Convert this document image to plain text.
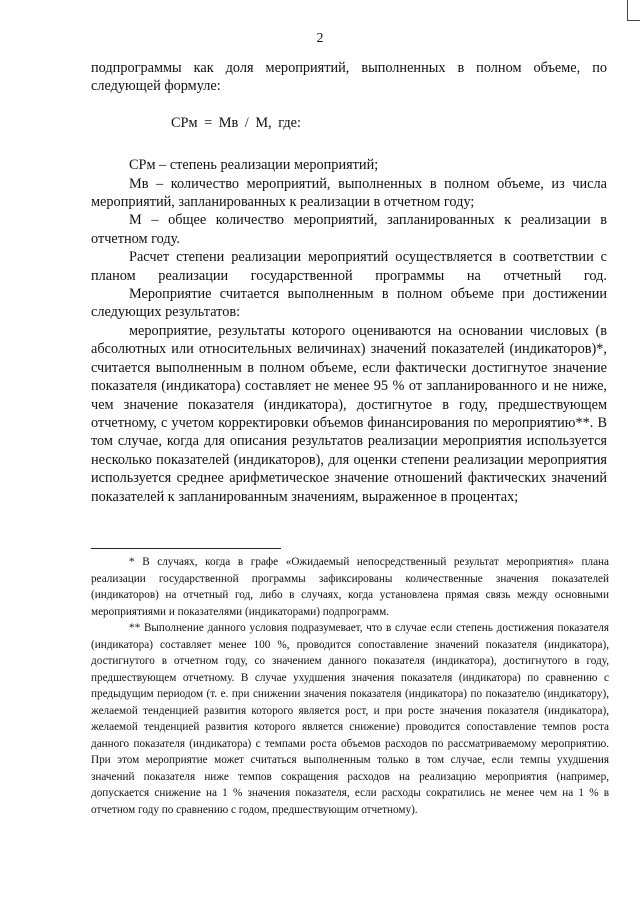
2

подпрограммы как доля мероприятий, выполненных в полном объеме, по следующей формуле:

СРм = Мв / М, где:

СРм – степень реализации мероприятий;

Мв – количество мероприятий, выполненных в полном объеме, из числа мероприятий, запланированных к реализации в отчетном году;

М – общее количество мероприятий, запланированных к реализации в отчетном году.

Расчет степени реализации мероприятий осуществляется в соответствии с планом реализации государственной программы на отчетный год.

Мероприятие считается выполненным в полном объеме при достижении следующих результатов:

мероприятие, результаты которого оцениваются на основании числовых (в абсолютных или относительных величинах) значений показателей (индикаторов)*, считается выполненным в полном объеме, если фактически достигнутое значение показателя (индикатора) составляет не менее 95 % от запланированного и не ниже, чем значение показателя (индикатора), достигнутое в году, предшествующем отчетному, с учетом корректировки объемов финансирования по мероприятию**. В том случае, когда для описания результатов реализации мероприятия используется несколько показателей (индикаторов), для оценки степени реализации мероприятия используется среднее арифметическое значение отношений фактических значений показателей к запланированным значениям, выраженное в процентах;

* В случаях, когда в графе «Ожидаемый непосредственный результат мероприятия» плана реализации государственной программы зафиксированы количественные значения показателей (индикаторов) на отчетный год, либо в случаях, когда установлена прямая связь между основными мероприятиями и показателями (индикаторами) подпрограмм.

** Выполнение данного условия подразумевает, что в случае если степень достижения показателя (индикатора) составляет менее 100 %, проводится сопоставление значений показателя (индикатора), достигнутого в отчетном году, со значением данного показателя (индикатора), достигнутого в году, предшествующем отчетному. В случае ухудшения значения показателя (индикатора) по сравнению с предыдущим периодом (т. е. при снижении значения показателя (индикатора) по показателю (индикатору), желаемой тенденцией развития которого является рост, и при росте значения показателя (индикатора), желаемой тенденцией развития которого является снижение) проводится сопоставление темпов роста данного показателя (индикатора) с темпами роста объемов расходов по рассматриваемому мероприятию. При этом мероприятие может считаться выполненным только в том случае, если темпы ухудшения значений показателя ниже темпов сокращения расходов на реализацию мероприятия (например, допускается снижение на 1 % значения показателя, если расходы сократились не менее чем на 1 % в отчетном году по сравнению с годом, предшествующим отчетному).
